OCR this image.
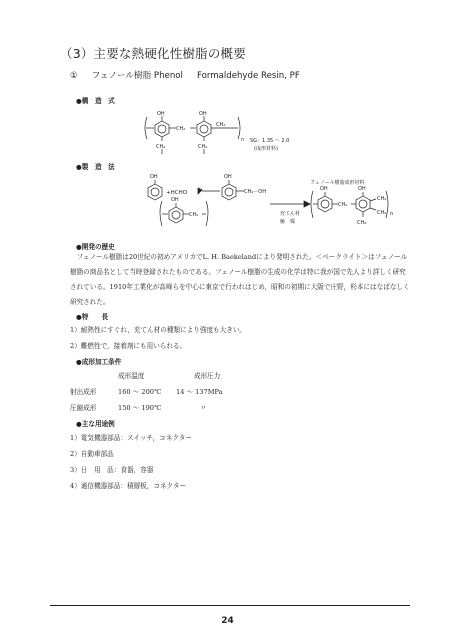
（3）主要な熱硬化性樹脂の概要
① フェノール樹脂 Phenol Formaldehyde Resin, PF
●構　造　式
OH	OH
CH₂
CH₂
CH₂	CH₂
n SG：1.35 ～ 2.0
(成形材料)
●製　造　法
OH
+HCHO
OH
CH₂－OH
OH
CH₂
フェノール樹脂成形材料
充てん材
触　媒
OH	OH
CH₂
CH₂
CH₂
CH₂
n
●開発の歴史
フェノール樹脂は20世紀の初めアメリカでL. H. Baekelandにより発明された。＜ベークライト＞はフェノール樹脂の商品名として当時登録されたものである。フェノール樹脂の生成の化学は特に我が国で先人より詳しく研究されている。1910年工業化が高峰らを中心に東京で行われはじめ，昭和の初期に大阪で庄野，杉本にはなばなしく研究された。
●特　　長
1）耐熱性にすぐれ，充てん材の種類により強度も大きい。
2）難燃性で，接着剤にも用いられる。
●成形加工条件
成形温度	成形圧力
射出成形	160 ～ 200℃ 14 ～ 137MPa
圧縮成形	150 ～ 190℃	〃
●主な用途例
1）電気機器部品：スイッチ，コネクター
2）自動車部品
3）日　用　品：食器，容器
4）通信機器部品：積層板，コネクター
24
